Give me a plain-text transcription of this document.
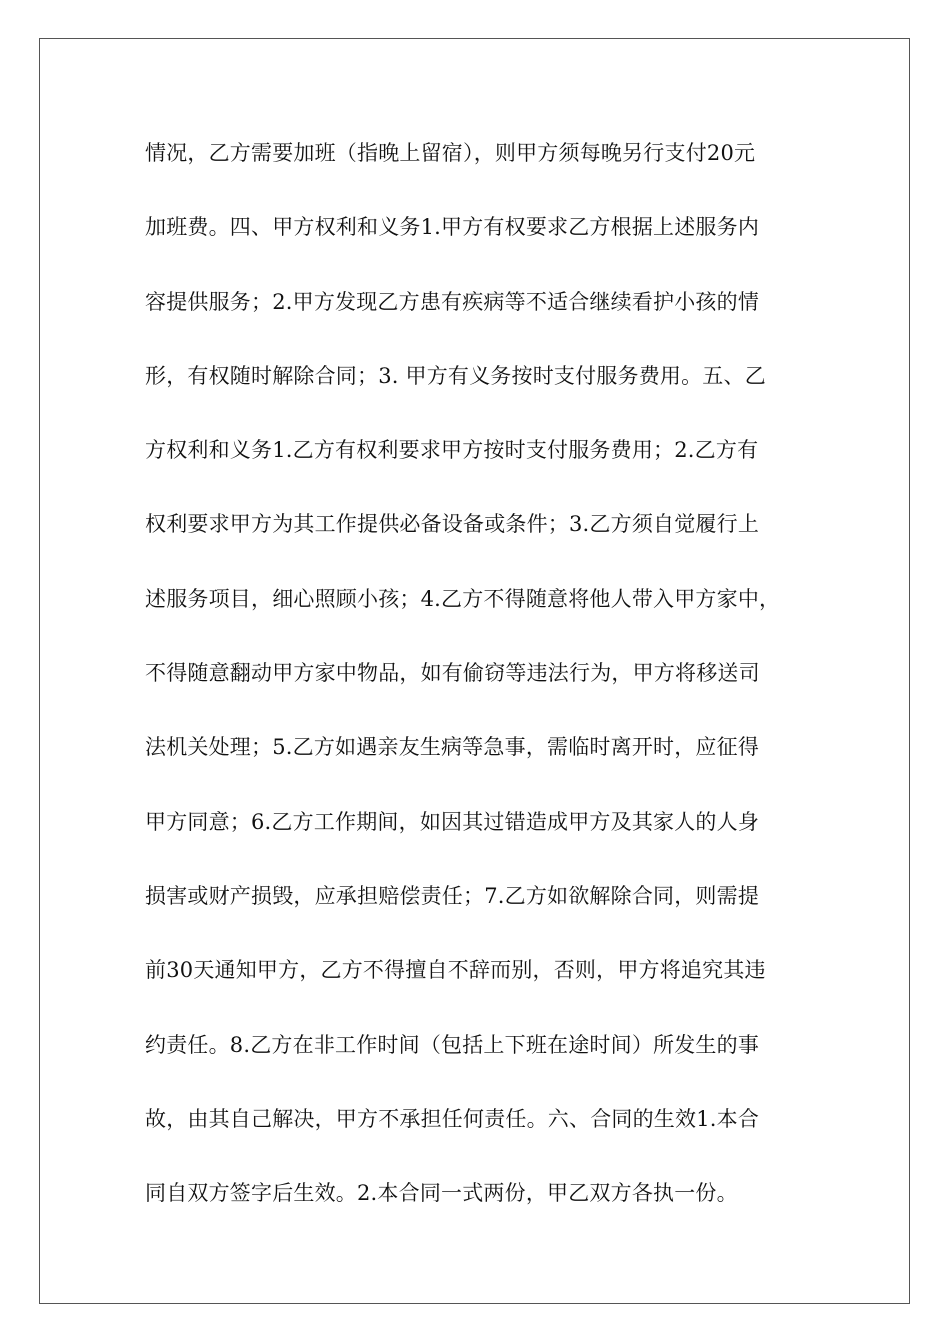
情况，乙方需要加班（指晚上留宿），则甲方须每晚另行支付20元
加班费。四、甲方权利和义务1.甲方有权要求乙方根据上述服务内
容提供服务；2.甲方发现乙方患有疾病等不适合继续看护小孩的情
形，有权随时解除合同；3. 甲方有义务按时支付服务费用。五、乙
方权利和义务1.乙方有权利要求甲方按时支付服务费用；2.乙方有
权利要求甲方为其工作提供必备设备或条件；3.乙方须自觉履行上
述服务项目，细心照顾小孩；4.乙方不得随意将他人带入甲方家中，
不得随意翻动甲方家中物品，如有偷窃等违法行为，甲方将移送司
法机关处理；5.乙方如遇亲友生病等急事，需临时离开时，应征得
甲方同意；6.乙方工作期间，如因其过错造成甲方及其家人的人身
损害或财产损毁，应承担赔偿责任；7.乙方如欲解除合同，则需提
前30天通知甲方，乙方不得擅自不辞而别，否则，甲方将追究其违
约责任。8.乙方在非工作时间（包括上下班在途时间）所发生的事
故，由其自己解决，甲方不承担任何责任。六、合同的生效1.本合
同自双方签字后生效。2.本合同一式两份，甲乙双方各执一份。
